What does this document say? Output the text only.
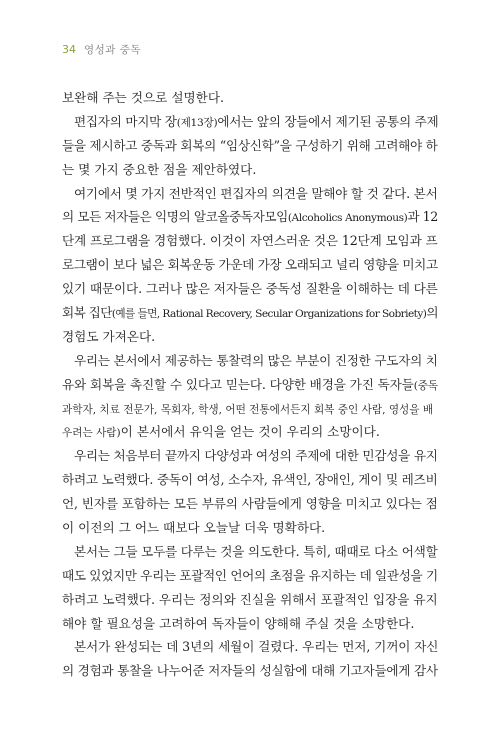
34 영성과 중독
보완해 주는 것으로 설명한다.
편집자의 마지막 장(제13장)에서는 앞의 장들에서 제기된 공통의 주제
들을 제시하고 중독과 회복의 “임상신학”을 구성하기 위해 고려해야 하
는 몇 가지 중요한 점을 제안하였다.
여기에서 몇 가지 전반적인 편집자의 의견을 말해야 할 것 같다. 본서
의 모든 저자들은 익명의 알코올중독자모임(Alcoholics Anonymous)과 12
단계 프로그램을 경험했다. 이것이 자연스러운 것은 12단계 모임과 프
로그램이 보다 넓은 회복운동 가운데 가장 오래되고 널리 영향을 미치고
있기 때문이다. 그러나 많은 저자들은 중독성 질환을 이해하는 데 다른
회복 집단(예를 들면, Rational Recovery, Secular Organizations for Sobriety)의
경험도 가져온다.
우리는 본서에서 제공하는 통찰력의 많은 부분이 진정한 구도자의 치
유와 회복을 촉진할 수 있다고 믿는다. 다양한 배경을 가진 독자들(중독
과학자, 치료 전문가, 목회자, 학생, 어떤 전통에서든지 회복 중인 사람, 영성을 배
우려는 사람)이 본서에서 유익을 얻는 것이 우리의 소망이다.
우리는 처음부터 끝까지 다양성과 여성의 주제에 대한 민감성을 유지
하려고 노력했다. 중독이 여성, 소수자, 유색인, 장애인, 게이 및 레즈비
언, 빈자를 포함하는 모든 부류의 사람들에게 영향을 미치고 있다는 점
이 이전의 그 어느 때보다 오늘날 더욱 명확하다.
본서는 그들 모두를 다루는 것을 의도한다. 특히, 때때로 다소 어색할
때도 있었지만 우리는 포괄적인 언어의 초점을 유지하는 데 일관성을 기
하려고 노력했다. 우리는 정의와 진실을 위해서 포괄적인 입장을 유지
해야 할 필요성을 고려하여 독자들이 양해해 주실 것을 소망한다.
본서가 완성되는 데 3년의 세월이 걸렸다. 우리는 먼저, 기꺼이 자신
의 경험과 통찰을 나누어준 저자들의 성실함에 대해 기고자들에게 감사
